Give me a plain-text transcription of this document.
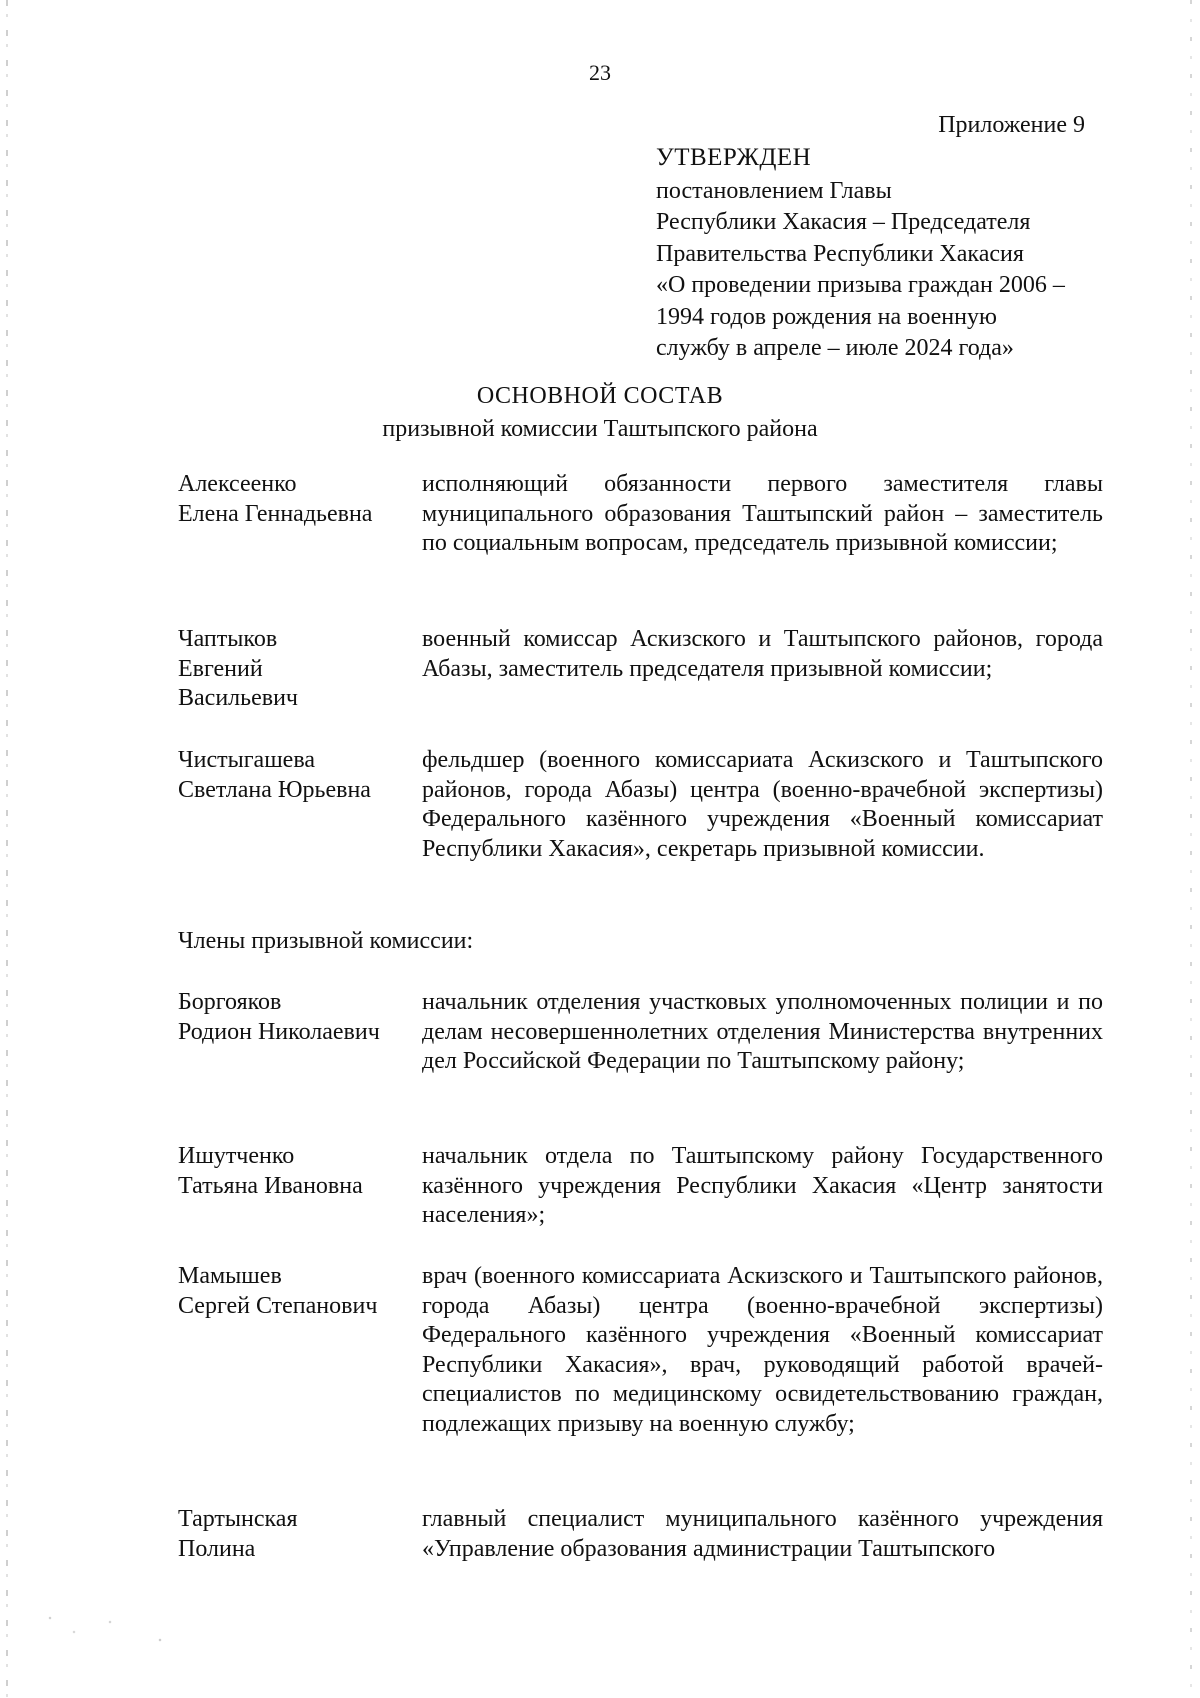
23
Приложение 9
УТВЕРЖДЕН
постановлением Главы
Республики Хакасия – Председателя
Правительства Республики Хакасия
«О проведении призыва граждан 2006 –
1994 годов рождения на военную
службу в апреле – июле 2024 года»
ОСНОВНОЙ СОСТАВ
призывной комиссии Таштыпского района
Алексеенко
Елена Геннадьевна
исполняющий обязанности первого заместителя главы муниципального образования Таштыпский район – заместитель по социальным вопросам, председатель призывной комиссии;
Чаптыков
Евгений
Васильевич
военный комиссар Аскизского и Таштыпского районов, города Абазы, заместитель председателя призывной комиссии;
Чистыгашева
Светлана Юрьевна
фельдшер (военного комиссариата Аскизского и Таштыпского районов, города Абазы) центра (военно-врачебной экспертизы) Федерального казённого учреждения «Военный комиссариат Республики Хакасия», секретарь призывной комиссии.
Члены призывной комиссии:
Боргояков
Родион Николаевич
начальник отделения участковых уполномоченных полиции и по делам несовершеннолетних отделения Министерства внутренних дел Российской Федерации по Таштыпскому району;
Ишутченко
Татьяна Ивановна
начальник отдела по Таштыпскому району Государственного казённого учреждения Республики Хакасия «Центр занятости населения»;
Мамышев
Сергей Степанович
врач (военного комиссариата Аскизского и Таштыпского районов, города Абазы) центра (военно-врачебной экспертизы) Федерального казённого учреждения «Военный комиссариат Республики Хакасия», врач, руководящий работой врачей-специалистов по медицинскому освидетельствованию граждан, подлежащих призыву на военную службу;
Тартынская
Полина
главный специалист муниципального казённого учреждения «Управление образования администрации Таштыпского
